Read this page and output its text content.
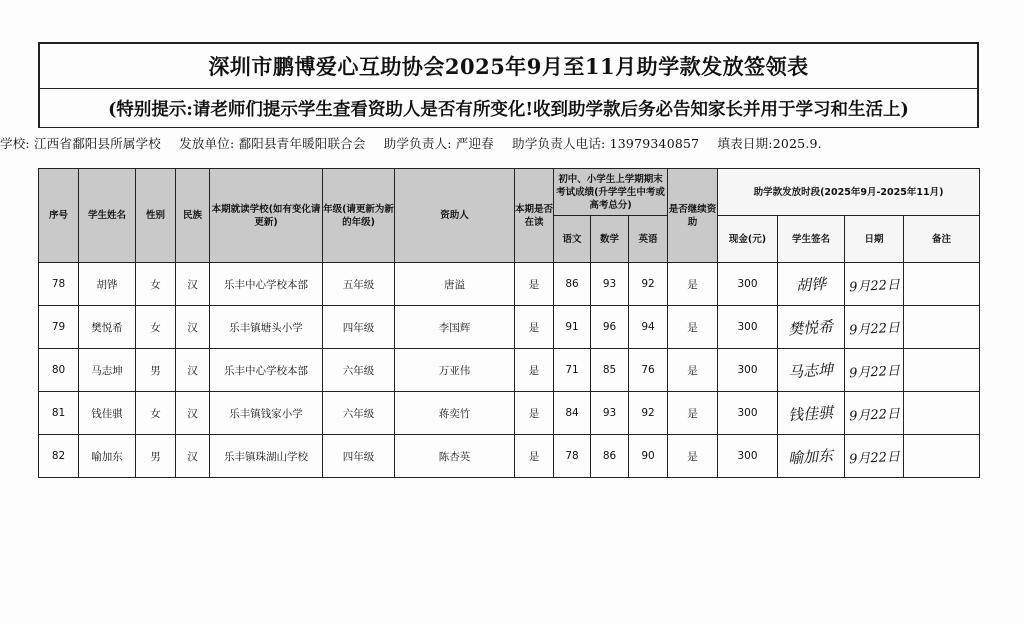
深圳市鹏博爱心互助协会2025年9月至11月助学款发放签领表
(特别提示:请老师们提示学生查看资助人是否有所变化!收到助学款后务必告知家长并用于学习和生活上)
学校: 江西省鄱阳县所属学校 发放单位: 鄱阳县青年暖阳联合会 助学负责人: 严迎春 助学负责人电话: 13979340857 填表日期:2025.9.
序号	学生姓名	性别	民族	本期就读学校(如有变化请更新)	年级(请更新为新的年级)	资助人	本期是否在读	初中、小学生上学期期末考试成绩(升学学生中考或高考总分)			是否继续资助	助学款发放时段(2025年9月-2025年11月)			
								语文	数学	英语		现金(元)	学生签名	日期	备注
78	胡铧	女	汉	乐丰中心学校本部	五年级	唐溢	是	86	93	92	是	300	胡铧	9月22日	
79	樊悦希	女	汉	乐丰镇塘头小学	四年级	李国辉	是	91	96	94	是	300	樊悦希	9月22日	
80	马志坤	男	汉	乐丰中心学校本部	六年级	万亚伟	是	71	85	76	是	300	马志坤	9月22日	
81	钱佳骐	女	汉	乐丰镇钱家小学	六年级	蒋奕竹	是	84	93	92	是	300	钱佳骐	9月22日	
82	喻加东	男	汉	乐丰镇珠湖山学校	四年级	陈杏英	是	78	86	90	是	300	喻加东	9月22日	
